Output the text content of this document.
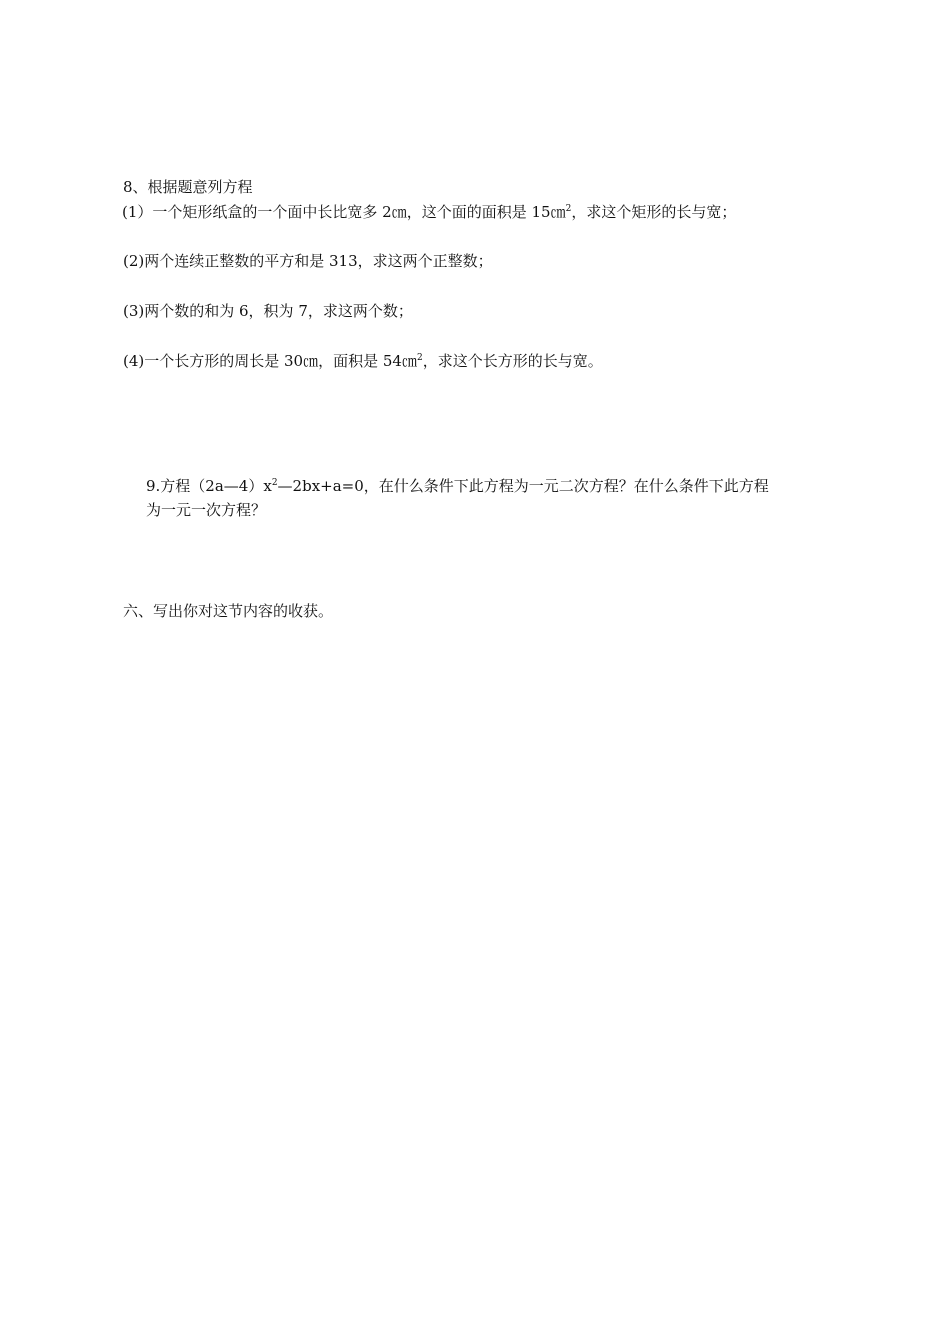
8、根据题意列方程
(1）一个矩形纸盒的一个面中长比宽多 2㎝，这个面的面积是 15㎝$^2$，求这个矩形的长与宽；
(2)两个连续正整数的平方和是 313，求这两个正整数；
(3)两个数的和为 6，积为 7，求这两个数；
(4)一个长方形的周长是 30㎝，面积是 54㎝$^2$，求这个长方形的长与宽。
9.方程$(2a—4)x^2—2bx+a=0$，在什么条件下此方程为一元二次方程？在什么条件下此方程
为一元一次方程？
六、写出你对这节内容的收获。
